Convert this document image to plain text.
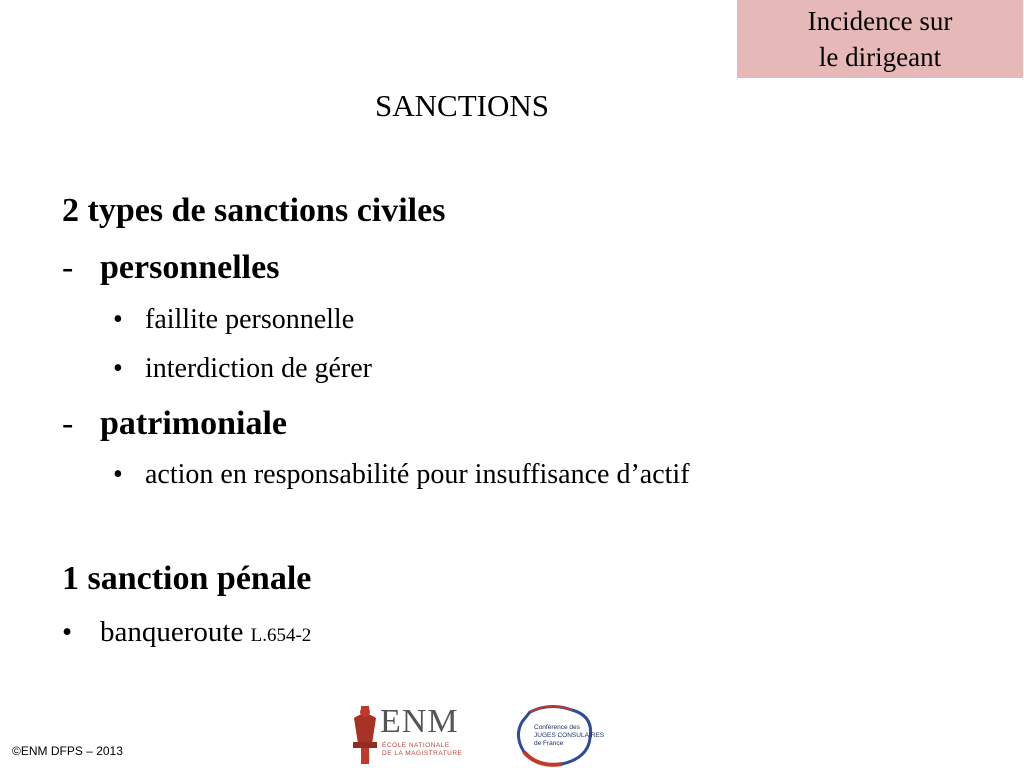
Incidence sur
le dirigeant
SANCTIONS
2 types de sanctions civiles
- personnelles
• faillite personnelle
• interdiction de gérer
- patrimoniale
• action en responsabilité pour insuffisance d’actif
1 sanction pénale
• banqueroute L.654-2
©ENM DFPS – 2013
ENM
ÉCOLE NATIONALE
DE LA MAGISTRATURE
Conférence des
JUGES CONSULAIRES
de France
